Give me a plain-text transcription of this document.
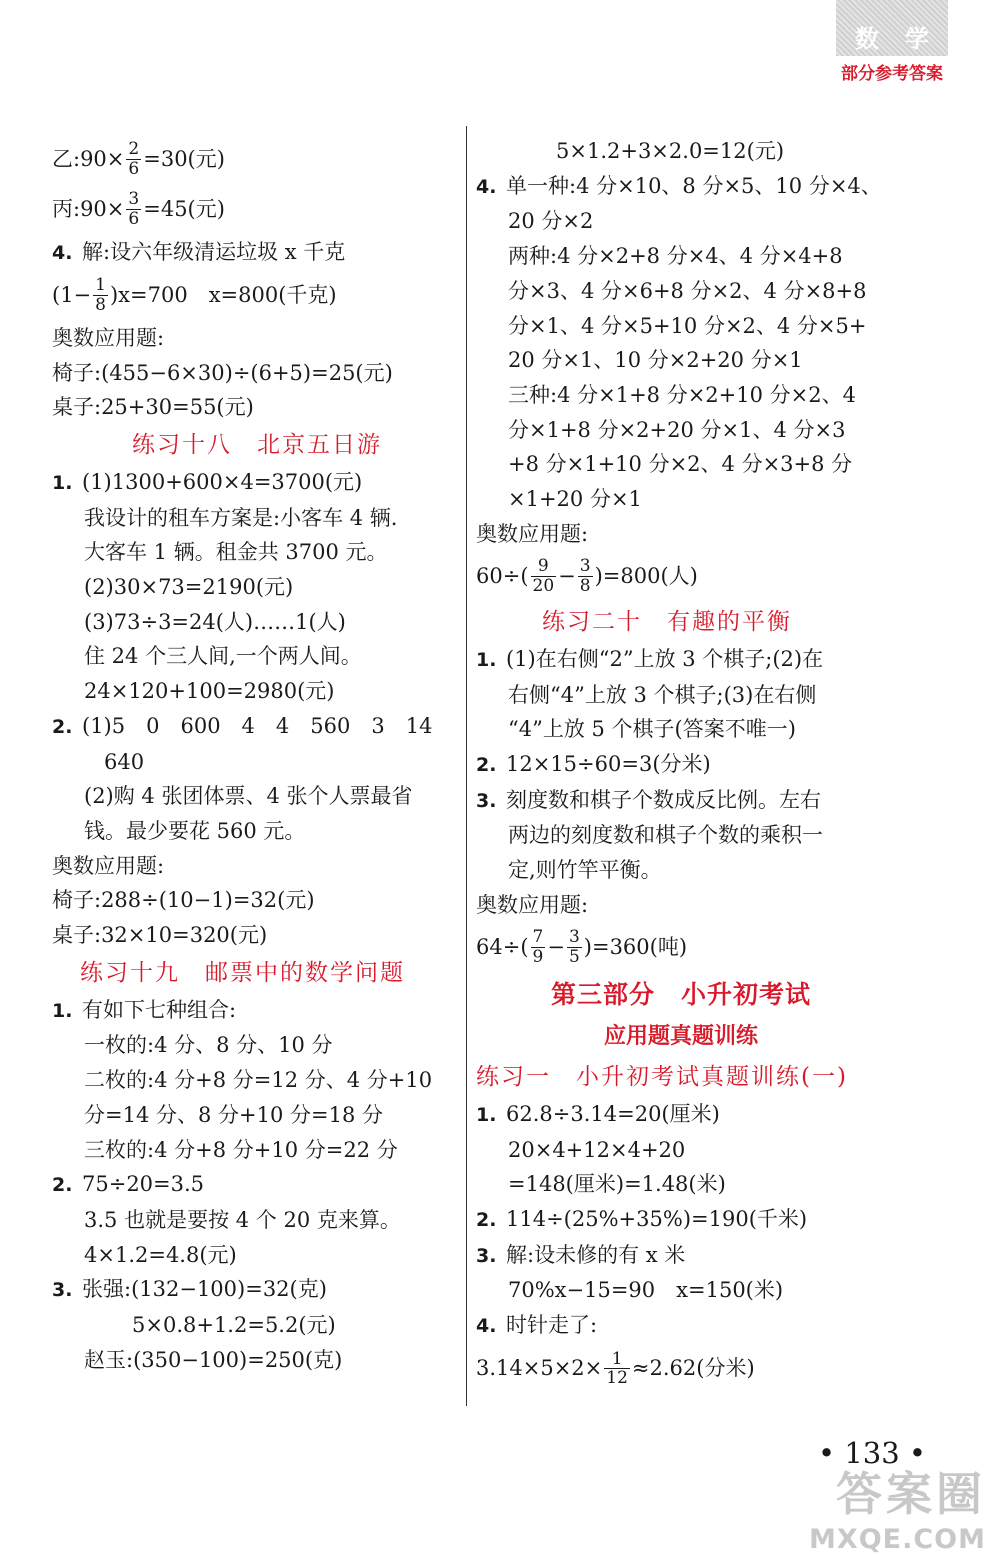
数 学
部分参考答案
乙:90× $\frac{2}{6} =30$(元)
丙:90× $\frac{3}{6} =45$(元)
4. 解:设六年级清运垃圾 x 千克
$(1- \frac{1}{8} )x=700$　x=800(千克)
奥数应用题:
椅子:(455−6×30)÷(6+5)=25(元)
桌子:25+30=55(元)
练习十八　北京五日游
1. (1)1300+600×4=3700(元)
我设计的租车方案是:小客车 4 辆.
大客车 1 辆。租金共 3700 元。
(2)30×73=2190(元)
(3)73÷3=24(人)……1(人)
住 24 个三人间,一个两人间。
24×120+100=2980(元)
2. (1)5　0　600　4　4　560　3　14
640
(2)购 4 张团体票、4 张个人票最省
钱。最少要花 560 元。
奥数应用题:
椅子:288÷(10−1)=32(元)
桌子:32×10=320(元)
练习十九　邮票中的数学问题
1. 有如下七种组合:
一枚的:4 分、8 分、10 分
二枚的:4 分+8 分=12 分、4 分+10
分=14 分、8 分+10 分=18 分
三枚的:4 分+8 分+10 分=22 分
2. 75÷20=3.5
3.5 也就是要按 4 个 20 克来算。
4×1.2=4.8(元)
3. 张强:(132−100)=32(克)
5×0.8+1.2=5.2(元)
赵玉:(350−100)=250(克)
5×1.2+3×2.0=12(元)
4. 单一种:4 分×10、8 分×5、10 分×4、
20 分×2
两种:4 分×2+8 分×4、4 分×4+8
分×3、4 分×6+8 分×2、4 分×8+8
分×1、4 分×5+10 分×2、4 分×5+
20 分×1、10 分×2+20 分×1
三种:4 分×1+8 分×2+10 分×2、4
分×1+8 分×2+20 分×1、4 分×3
+8 分×1+10 分×2、4 分×3+8 分
×1+20 分×1
奥数应用题:
$60\div( \frac{9}{20} - \frac{3}{8} )=800$(人)
练习二十　有趣的平衡
1. (1)在右侧“2”上放 3 个棋子;(2)在
右侧“4”上放 3 个棋子;(3)在右侧
“4”上放 5 个棋子(答案不唯一)
2. 12×15÷60=3(分米)
3. 刻度数和棋子个数成反比例。左右
两边的刻度数和棋子个数的乘积一
定,则竹竿平衡。
奥数应用题:
$64\div( \frac{7}{9} - \frac{3}{5} )=360$(吨)
第三部分　小升初考试
应用题真题训练
练习一　小升初考试真题训练(一)
1. 62.8÷3.14=20(厘米)
20×4+12×4+20
=148(厘米)=1.48(米)
2. 114÷(25%+35%)=190(千米)
3. 解:设未修的有 x 米
70%x−15=90　x=150(米)
4. 时针走了:
$3.14\times 5\times 2\times \frac{1}{12} \approx 2.62$(分米)
• 133 •
答案圈
MXQE.COM
